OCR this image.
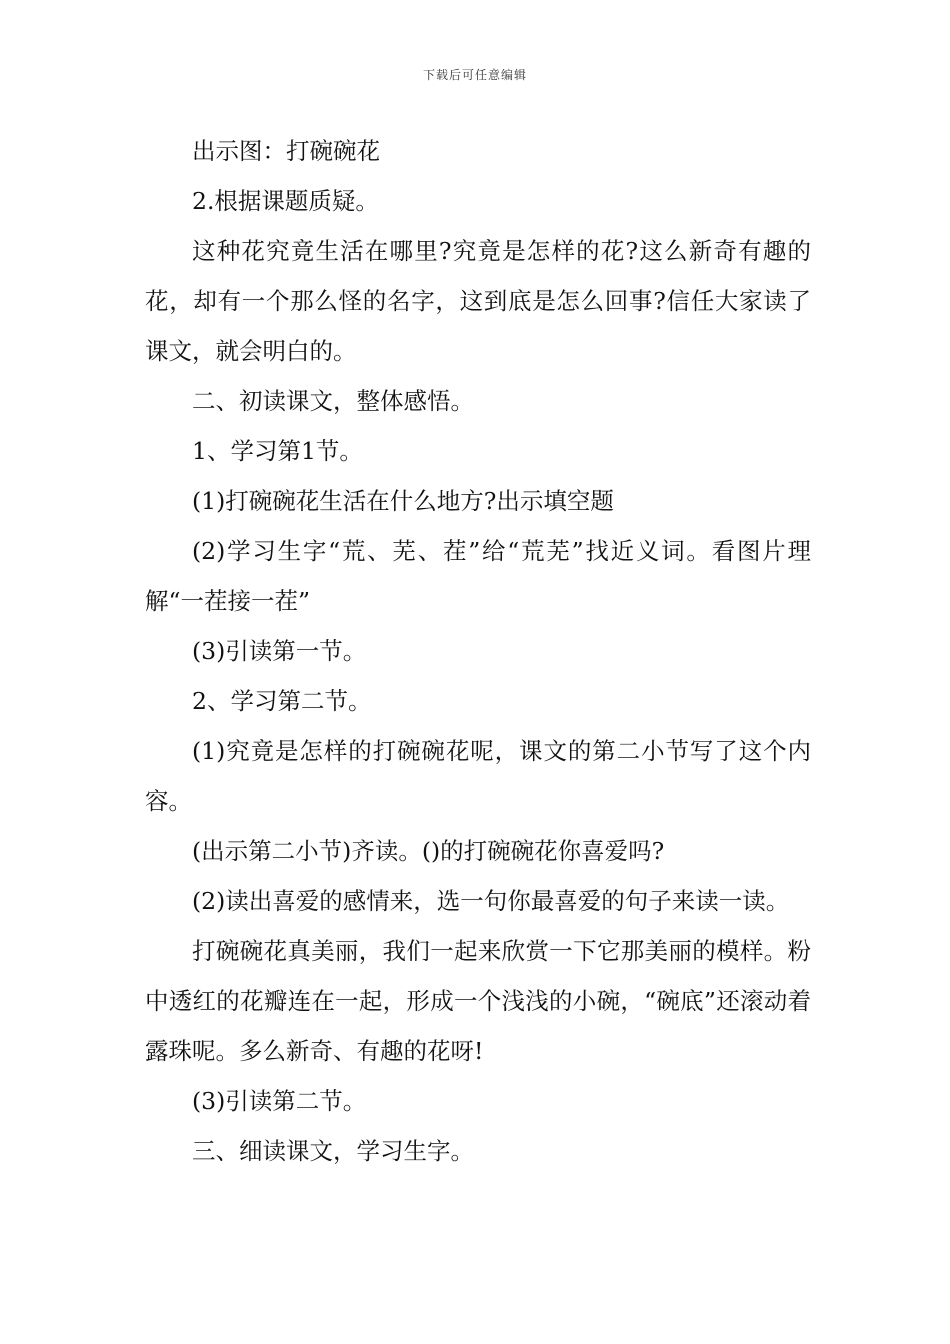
下载后可任意编辑

出示图：打碗碗花

2.根据课题质疑。

这种花究竟生活在哪里?究竟是怎样的花?这么新奇有趣的花，却有一个那么怪的名字，这到底是怎么回事?信任大家读了课文，就会明白的。

二、初读课文，整体感悟。

1、学习第1节。

(1)打碗碗花生活在什么地方?出示填空题

(2)学习生字“荒、芜、茬”给“荒芜”找近义词。看图片理解“一茬接一茬”

(3)引读第一节。

2、学习第二节。

(1)究竟是怎样的打碗碗花呢，课文的第二小节写了这个内容。

(出示第二小节)齐读。()的打碗碗花你喜爱吗?

(2)读出喜爱的感情来，选一句你最喜爱的句子来读一读。

打碗碗花真美丽，我们一起来欣赏一下它那美丽的模样。粉中透红的花瓣连在一起，形成一个浅浅的小碗，“碗底”还滚动着露珠呢。多么新奇、有趣的花呀!

(3)引读第二节。

三、细读课文，学习生字。
